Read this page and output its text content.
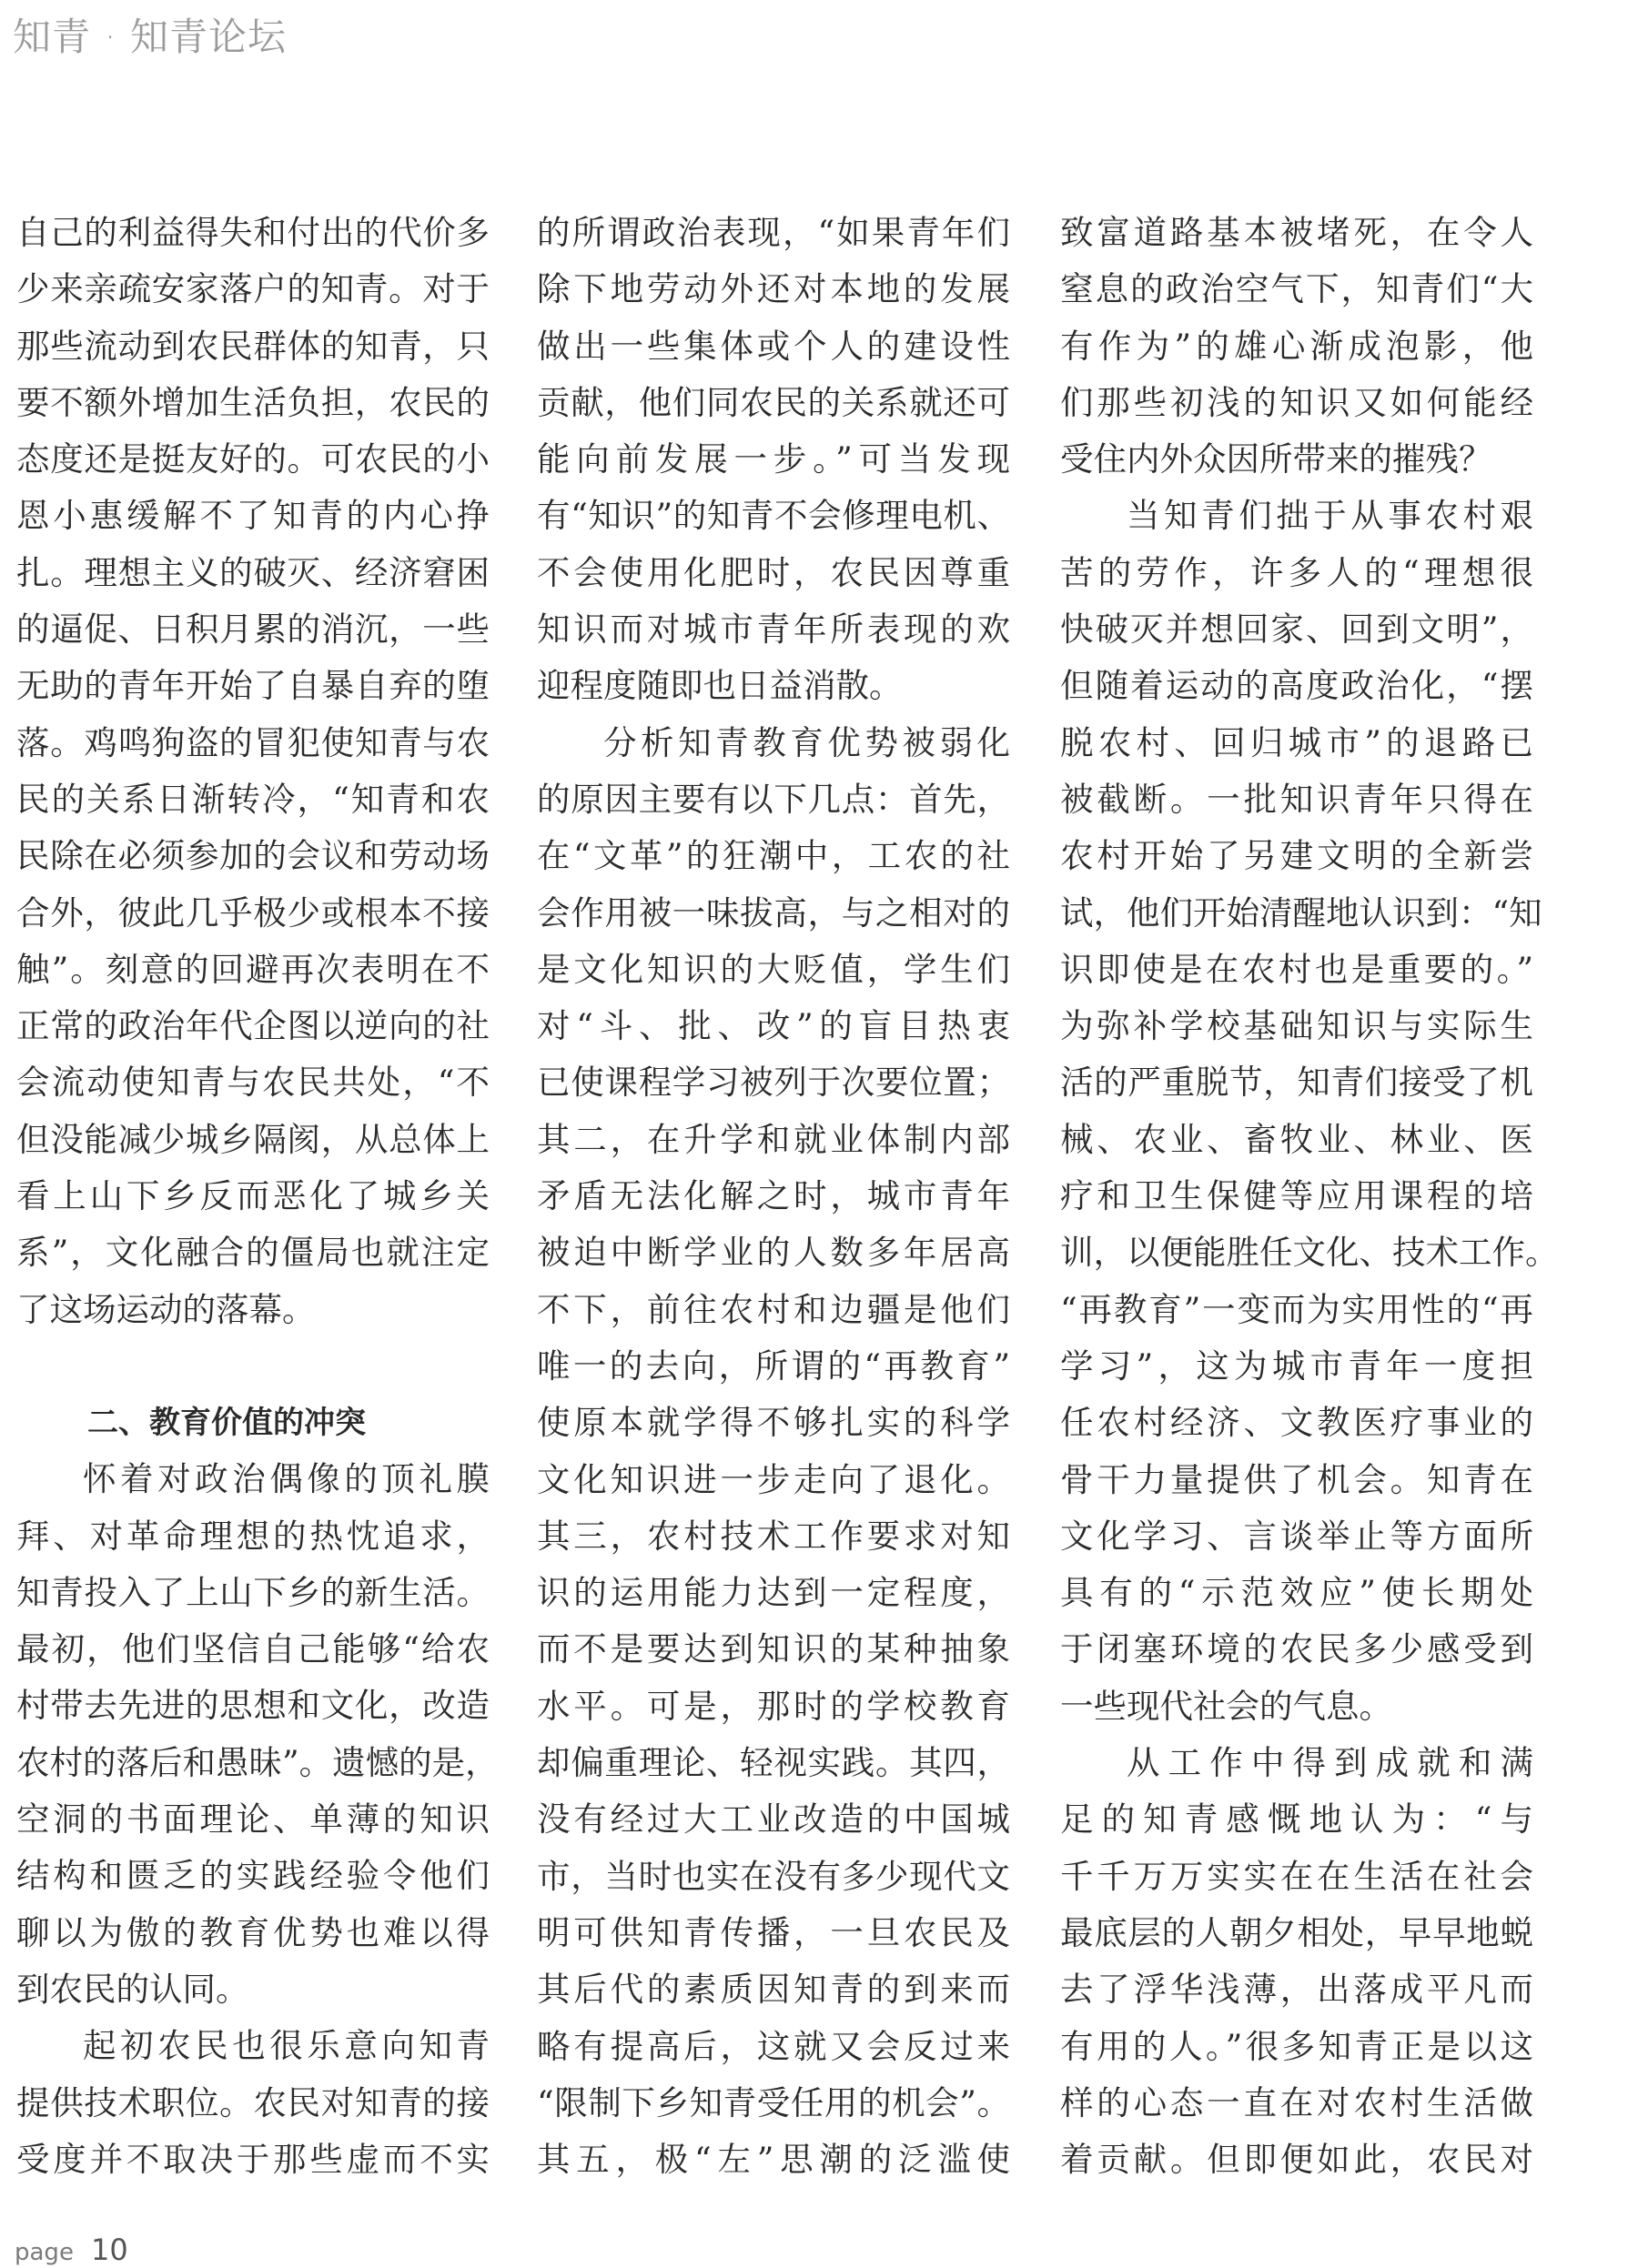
知青 · 知青论坛
自己的利益得失和付出的代价多
少来亲疏安家落户的知青。对于
那些流动到农民群体的知青，只
要不额外增加生活负担，农民的
态度还是挺友好的。可农民的小
恩小惠缓解不了知青的内心挣
扎。理想主义的破灭、经济窘困
的逼促、日积月累的消沉，一些
无助的青年开始了自暴自弃的堕
落。鸡鸣狗盗的冒犯使知青与农
民的关系日渐转冷，“知青和农
民除在必须参加的会议和劳动场
合外，彼此几乎极少或根本不接
触”。刻意的回避再次表明在不
正常的政治年代企图以逆向的社
会流动使知青与农民共处，“不
但没能减少城乡隔阂，从总体上
看上山下乡反而恶化了城乡关
系”，文化融合的僵局也就注定
了这场运动的落幕。
二、教育价值的冲突
怀着对政治偶像的顶礼膜
拜、对革命理想的热忱追求，
知青投入了上山下乡的新生活。
最初，他们坚信自己能够“给农
村带去先进的思想和文化，改造
农村的落后和愚昧”。遗憾的是，
空洞的书面理论、单薄的知识
结构和匮乏的实践经验令他们
聊以为傲的教育优势也难以得
到农民的认同。
起初农民也很乐意向知青
提供技术职位。农民对知青的接
受度并不取决于那些虚而不实
的所谓政治表现，“如果青年们
除下地劳动外还对本地的发展
做出一些集体或个人的建设性
贡献，他们同农民的关系就还可
能向前发展一步。”可当发现
有“知识”的知青不会修理电机、
不会使用化肥时，农民因尊重
知识而对城市青年所表现的欢
迎程度随即也日益消散。
分析知青教育优势被弱化
的原因主要有以下几点：首先，
在“文革”的狂潮中，工农的社
会作用被一味拔高，与之相对的
是文化知识的大贬值，学生们
对“斗、批、改”的盲目热衷
已使课程学习被列于次要位置；
其二，在升学和就业体制内部
矛盾无法化解之时，城市青年
被迫中断学业的人数多年居高
不下，前往农村和边疆是他们
唯一的去向，所谓的“再教育”
使原本就学得不够扎实的科学
文化知识进一步走向了退化。
其三，农村技术工作要求对知
识的运用能力达到一定程度，
而不是要达到知识的某种抽象
水平。可是，那时的学校教育
却偏重理论、轻视实践。其四，
没有经过大工业改造的中国城
市，当时也实在没有多少现代文
明可供知青传播，一旦农民及
其后代的素质因知青的到来而
略有提高后，这就又会反过来
“限制下乡知青受任用的机会”。
其五，极“左”思潮的泛滥使
致富道路基本被堵死，在令人
窒息的政治空气下，知青们“大
有作为”的雄心渐成泡影，他
们那些初浅的知识又如何能经
受住内外众因所带来的摧残？
当知青们拙于从事农村艰
苦的劳作，许多人的“理想很
快破灭并想回家、回到文明”，
但随着运动的高度政治化，“摆
脱农村、回归城市”的退路已
被截断。一批知识青年只得在
农村开始了另建文明的全新尝
试，他们开始清醒地认识到：“知
识即使是在农村也是重要的。”
为弥补学校基础知识与实际生
活的严重脱节，知青们接受了机
械、农业、畜牧业、林业、医
疗和卫生保健等应用课程的培
训，以便能胜任文化、技术工作。
“再教育”一变而为实用性的“再
学习”，这为城市青年一度担
任农村经济、文教医疗事业的
骨干力量提供了机会。知青在
文化学习、言谈举止等方面所
具有的“示范效应”使长期处
于闭塞环境的农民多少感受到
一些现代社会的气息。
从工作中得到成就和满
足的知青感慨地认为：“与
千千万万实实在在生活在社会
最底层的人朝夕相处，早早地蜕
去了浮华浅薄，出落成平凡而
有用的人。”很多知青正是以这
样的心态一直在对农村生活做
着贡献。但即便如此，农民对
page 10
